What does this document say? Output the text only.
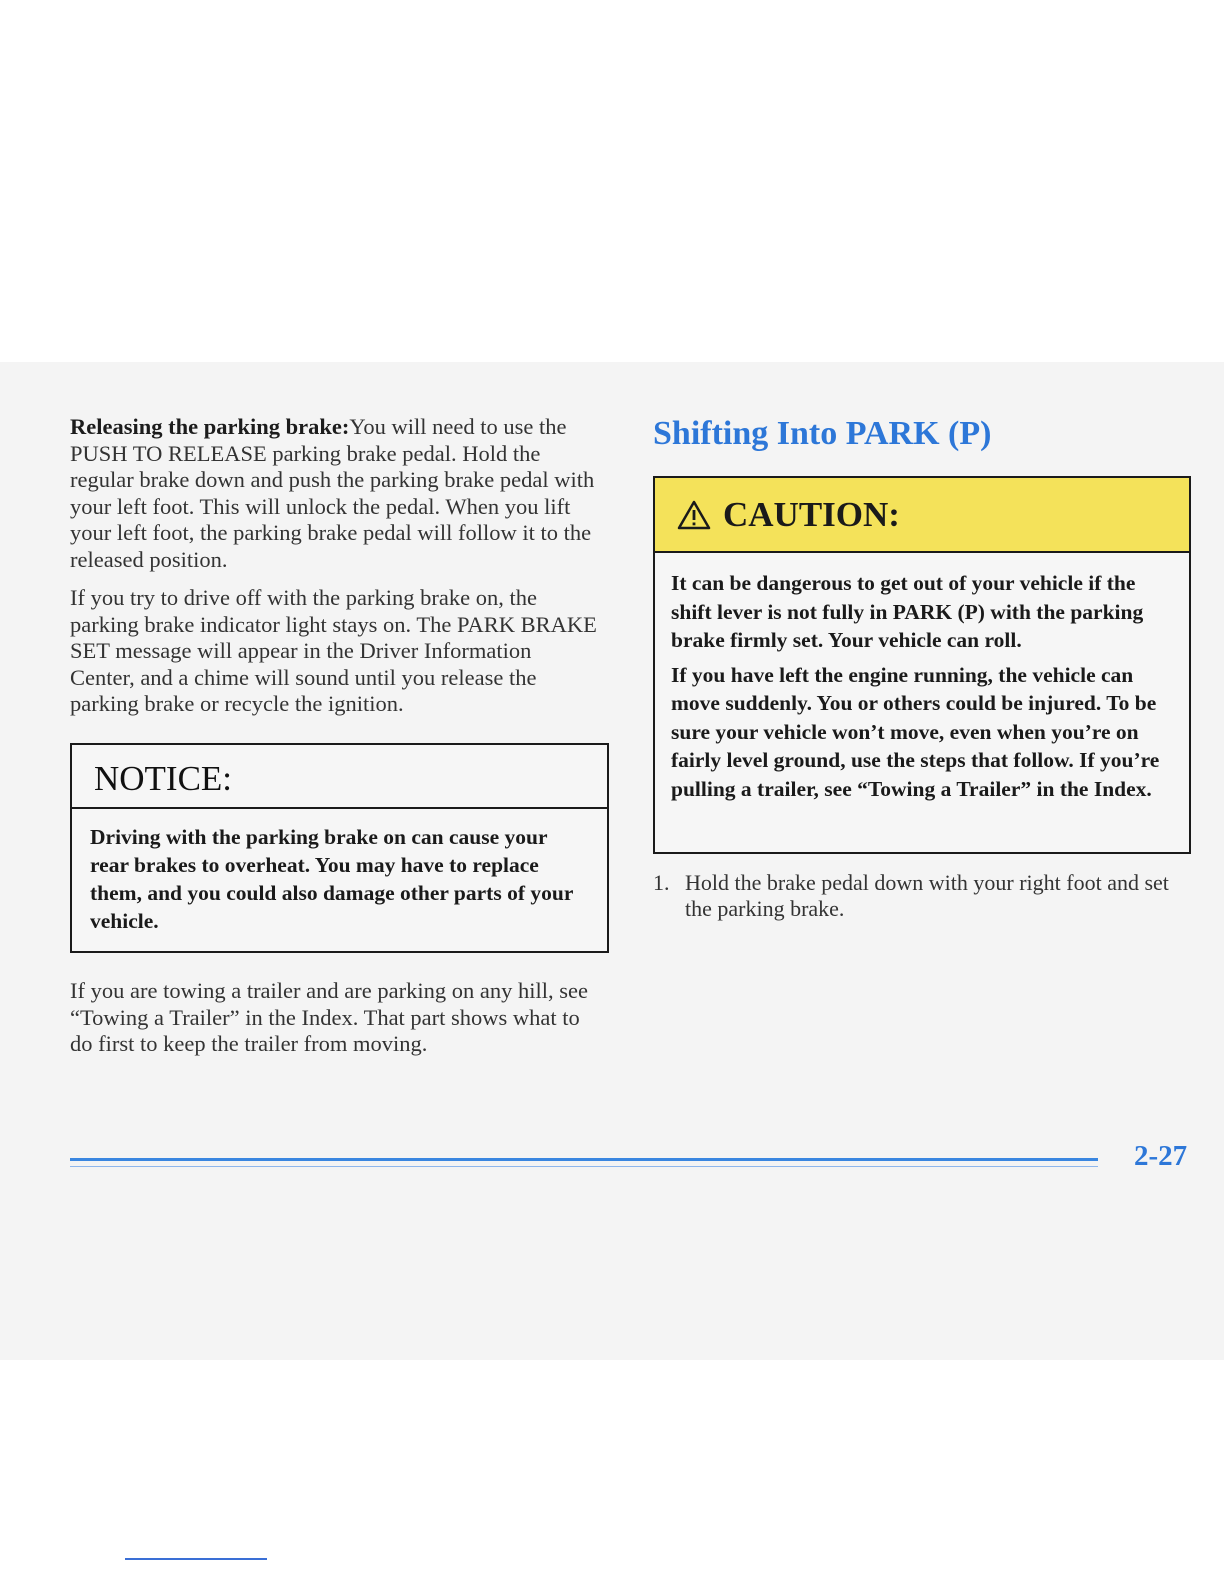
Releasing the parking brake:You will need to use the PUSH TO RELEASE parking brake pedal. Hold the regular brake down and push the parking brake pedal with your left foot. This will unlock the pedal. When you lift your left foot, the parking brake pedal will follow it to the released position.

If you try to drive off with the parking brake on, the parking brake indicator light stays on. The PARK BRAKE SET message will appear in the Driver Information Center, and a chime will sound until you release the parking brake or recycle the ignition.

NOTICE:
Driving with the parking brake on can cause your rear brakes to overheat. You may have to replace them, and you could also damage other parts of your vehicle.

If you are towing a trailer and are parking on any hill, see “Towing a Trailer” in the Index. That part shows what to do first to keep the trailer from moving.

Shifting Into PARK (P)
CAUTION:

It can be dangerous to get out of your vehicle if the shift lever is not fully in PARK (P) with the parking brake firmly set. Your vehicle can roll.

If you have left the engine running, the vehicle can move suddenly. You or others could be injured. To be sure your vehicle won’t move, even when you’re on fairly level ground, use the steps that follow. If you’re pulling a trailer, see “Towing a Trailer” in the Index.

1. Hold the brake pedal down with your right foot and set the parking brake.
2-27
